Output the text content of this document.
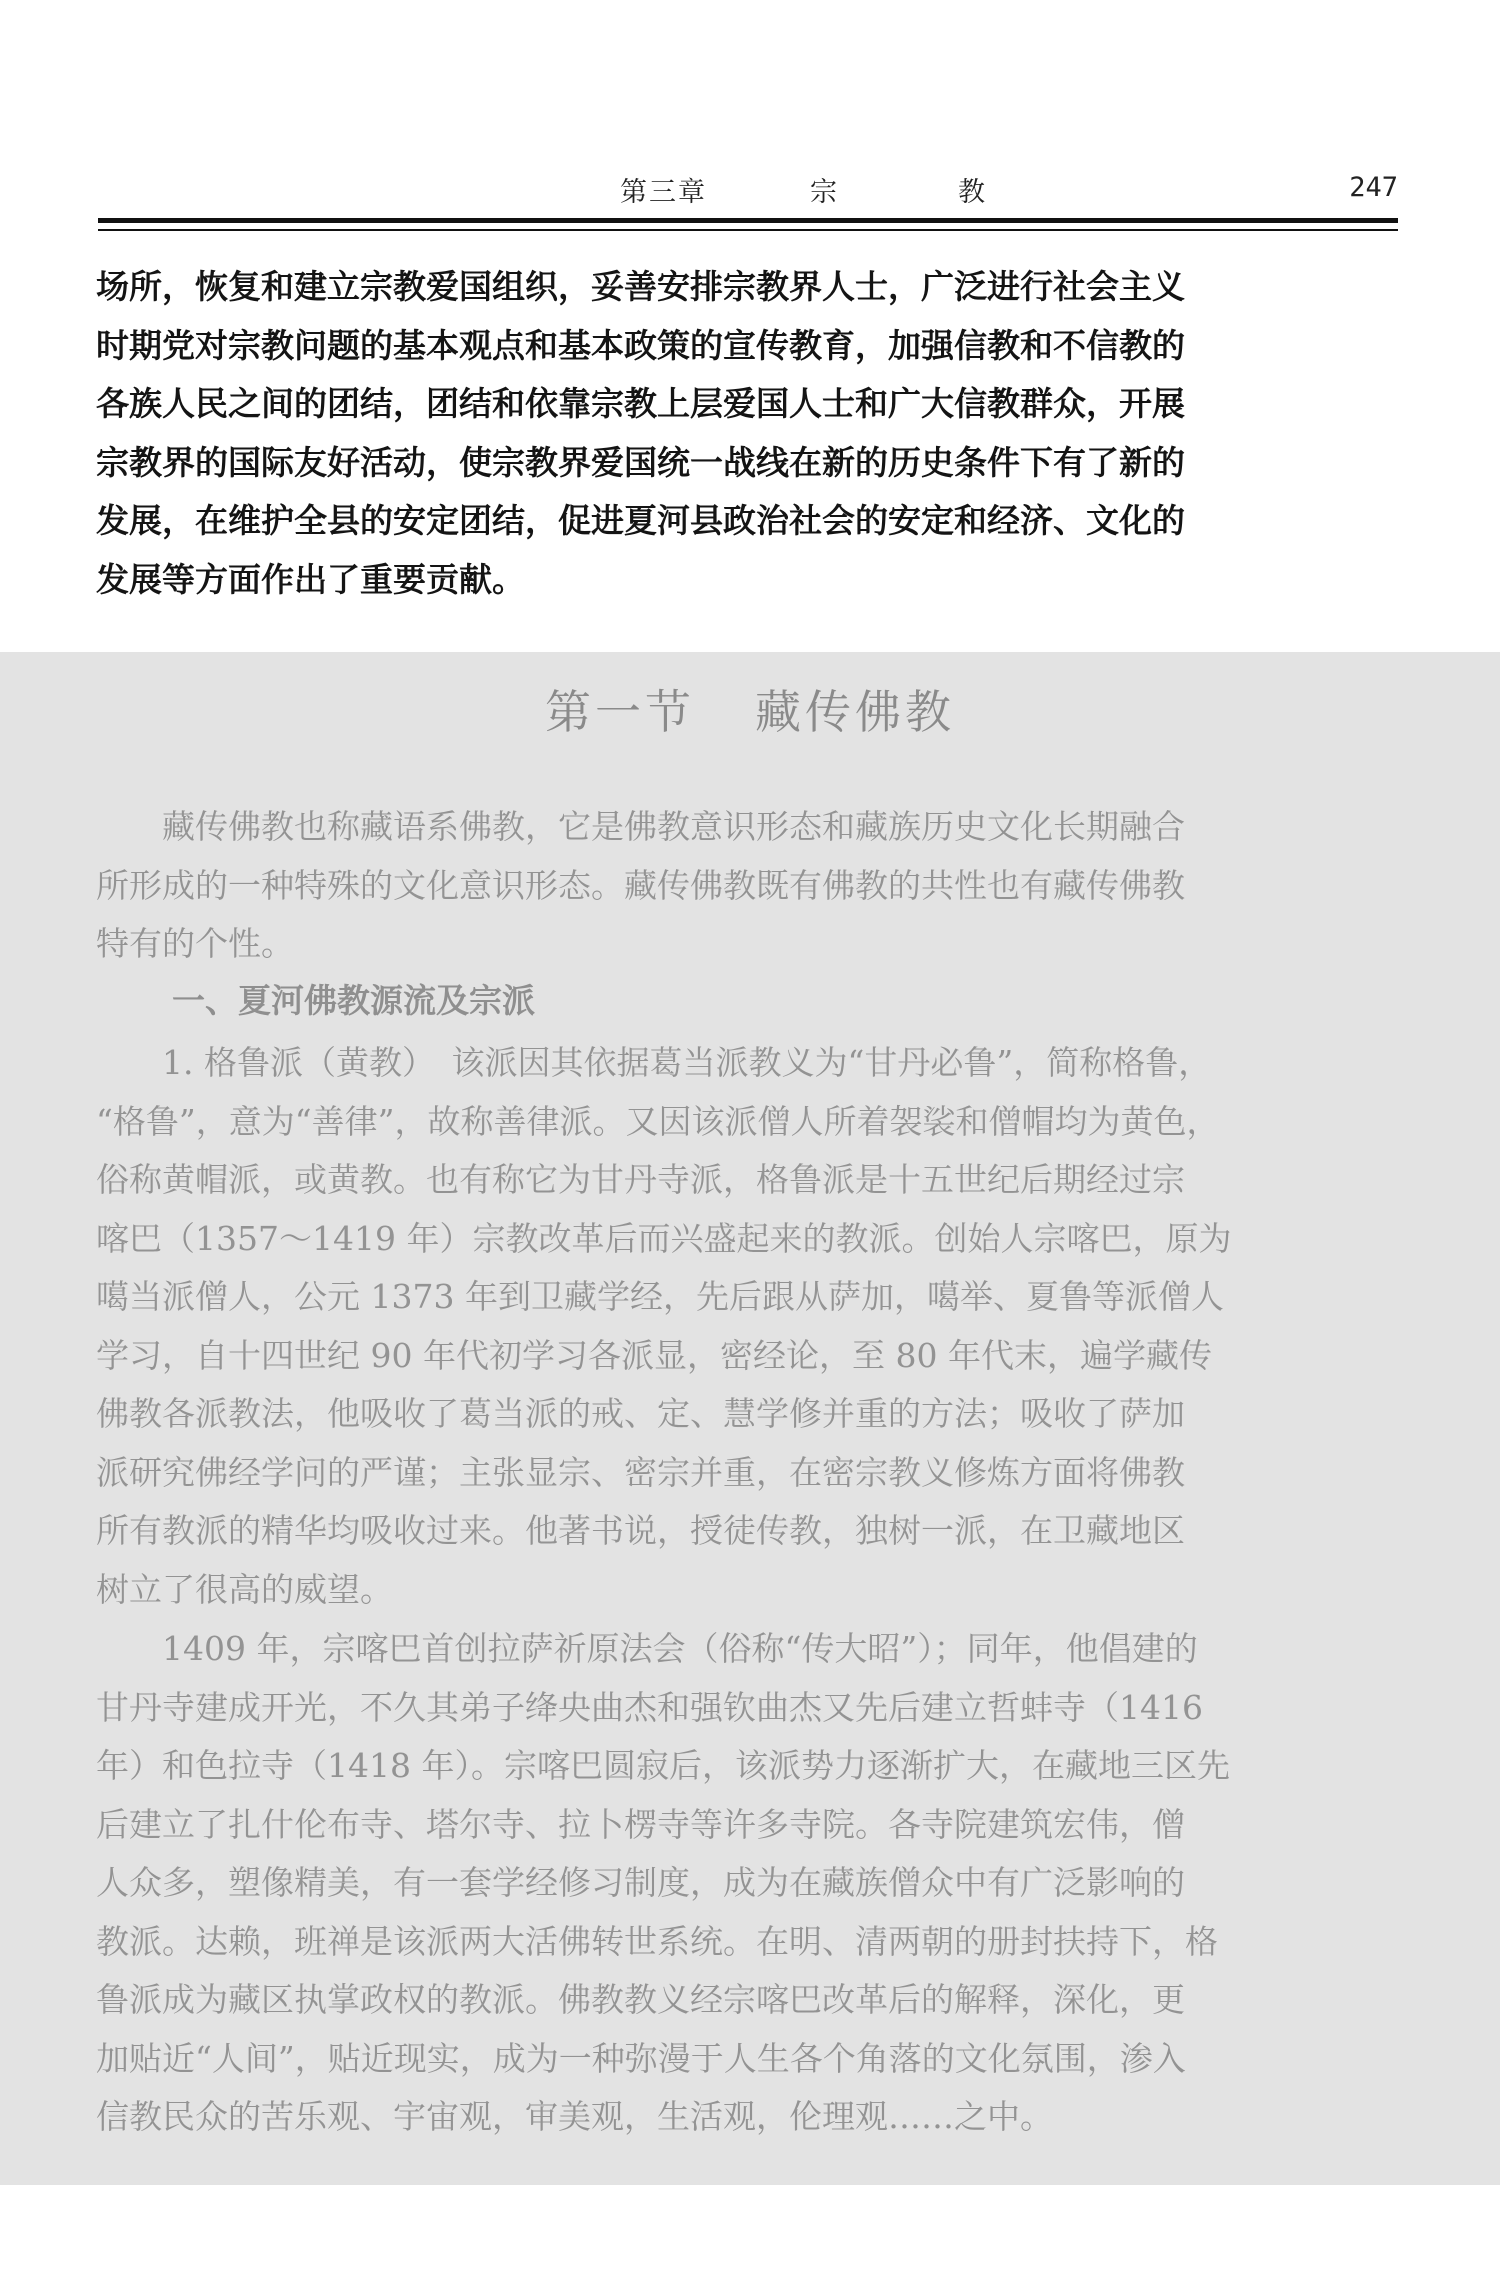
第三章	宗	教	247
场所，恢复和建立宗教爱国组织，妥善安排宗教界人士，广泛进行社会主义
时期党对宗教问题的基本观点和基本政策的宣传教育，加强信教和不信教的
各族人民之间的团结，团结和依靠宗教上层爱国人士和广大信教群众，开展
宗教界的国际友好活动，使宗教界爱国统一战线在新的历史条件下有了新的
发展，在维护全县的安定团结，促进夏河县政治社会的安定和经济、文化的
发展等方面作出了重要贡献。
第一节 藏传佛教
　　藏传佛教也称藏语系佛教，它是佛教意识形态和藏族历史文化长期融合
所形成的一种特殊的文化意识形态。藏传佛教既有佛教的共性也有藏传佛教
特有的个性。
一、夏河佛教源流及宗派
　　1. 格鲁派（黄教）　该派因其依据葛当派教义为“甘丹必鲁”，简称格鲁，
“格鲁”，意为“善律”，故称善律派。又因该派僧人所着袈裟和僧帽均为黄色，
俗称黄帽派，或黄教。也有称它为甘丹寺派，格鲁派是十五世纪后期经过宗
喀巴（1357～1419 年）宗教改革后而兴盛起来的教派。创始人宗喀巴，原为
噶当派僧人，公元 1373 年到卫藏学经，先后跟从萨加，噶举、夏鲁等派僧人
学习，自十四世纪 90 年代初学习各派显，密经论，至 80 年代末，遍学藏传
佛教各派教法，他吸收了葛当派的戒、定、慧学修并重的方法；吸收了萨加
派研究佛经学问的严谨；主张显宗、密宗并重，在密宗教义修炼方面将佛教
所有教派的精华均吸收过来。他著书说，授徒传教，独树一派，在卫藏地区
树立了很高的威望。
　　1409 年，宗喀巴首创拉萨祈原法会（俗称“传大昭”）；同年，他倡建的
甘丹寺建成开光，不久其弟子绛央曲杰和强钦曲杰又先后建立哲蚌寺（1416
年）和色拉寺（1418 年）。宗喀巴圆寂后，该派势力逐渐扩大，在藏地三区先
后建立了扎什伦布寺、塔尔寺、拉卜楞寺等许多寺院。各寺院建筑宏伟，僧
人众多，塑像精美，有一套学经修习制度，成为在藏族僧众中有广泛影响的
教派。达赖，班禅是该派两大活佛转世系统。在明、清两朝的册封扶持下，格
鲁派成为藏区执掌政权的教派。佛教教义经宗喀巴改革后的解释，深化，更
加贴近“人间”，贴近现实，成为一种弥漫于人生各个角落的文化氛围，渗入
信教民众的苦乐观、宇宙观，审美观，生活观，伦理观……之中。
